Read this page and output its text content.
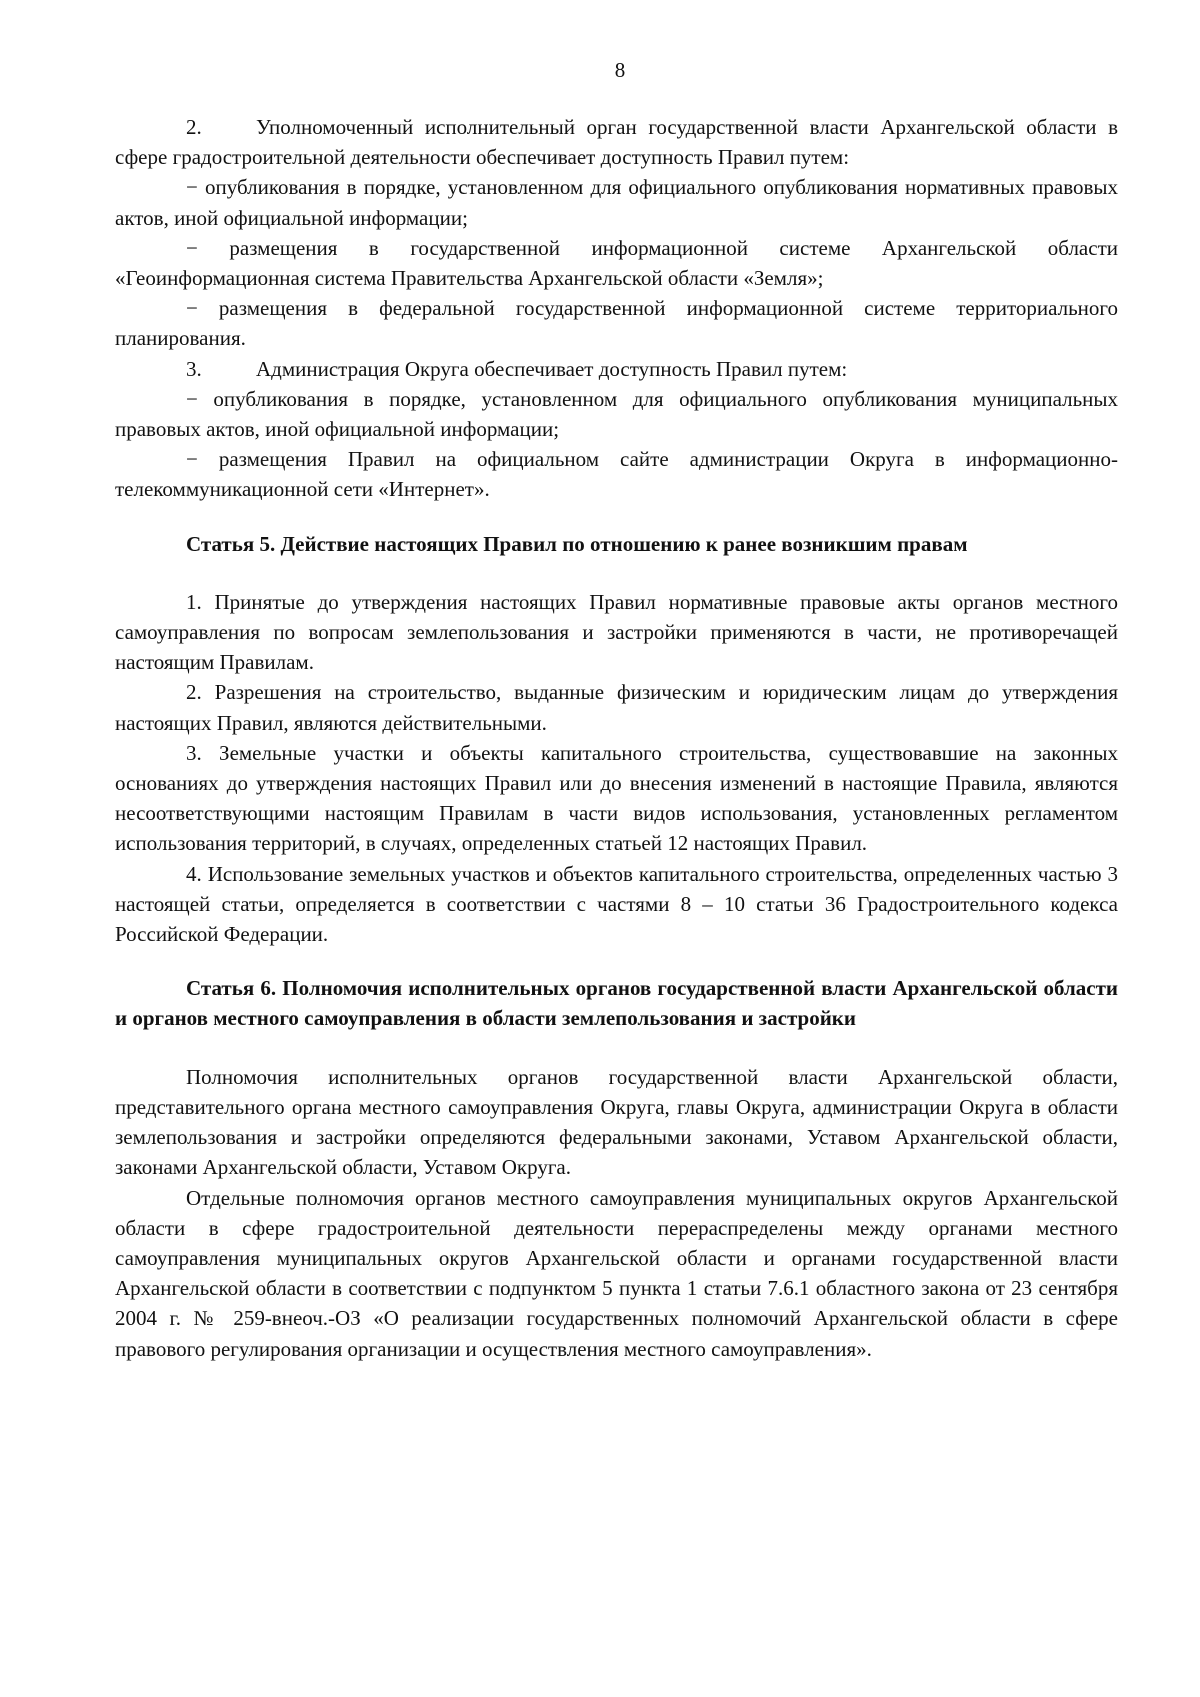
8

2.	Уполномоченный исполнительный орган государственной власти Архангельской области в сфере градостроительной деятельности обеспечивает доступность Правил путем:

− опубликования в порядке, установленном для официального опубликования нормативных правовых актов, иной официальной информации;

− размещения в государственной информационной системе Архангельской области «Геоинформационная система Правительства Архангельской области «Земля»;

− размещения в федеральной государственной информационной системе территориального планирования.

3.	Администрация Округа обеспечивает доступность Правил путем:

− опубликования в порядке, установленном для официального опубликования муниципальных правовых актов, иной официальной информации;

− размещения Правил на официальном сайте администрации Округа в информационно-телекоммуникационной сети «Интернет».

Статья 5. Действие настоящих Правил по отношению к ранее возникшим правам

1. Принятые до утверждения настоящих Правил нормативные правовые акты органов местного самоуправления по вопросам землепользования и застройки применяются в части, не противоречащей настоящим Правилам.

2. Разрешения на строительство, выданные физическим и юридическим лицам до утверждения настоящих Правил, являются действительными.

3. Земельные участки и объекты капитального строительства, существовавшие на законных основаниях до утверждения настоящих Правил или до внесения изменений в настоящие Правила, являются несоответствующими настоящим Правилам в части видов использования, установленных регламентом использования территорий, в случаях, определенных статьей 12 настоящих Правил.

4. Использование земельных участков и объектов капитального строительства, определенных частью 3 настоящей статьи, определяется в соответствии с частями 8 – 10 статьи 36 Градостроительного кодекса Российской Федерации.

Статья 6. Полномочия исполнительных органов государственной власти Архангельской области и органов местного самоуправления в области землепользования и застройки

Полномочия исполнительных органов государственной власти Архангельской области, представительного органа местного самоуправления Округа, главы Округа, администрации Округа в области землепользования и застройки определяются федеральными законами, Уставом Архангельской области, законами Архангельской области, Уставом Округа.

Отдельные полномочия органов местного самоуправления муниципальных округов Архангельской области в сфере градостроительной деятельности перераспределены между органами местного самоуправления муниципальных округов Архангельской области и органами государственной власти Архангельской области в соответствии с подпунктом 5 пункта 1 статьи 7.6.1 областного закона от 23 сентября 2004 г. № 259-внеоч.-ОЗ «О реализации государственных полномочий Архангельской области в сфере правового регулирования организации и осуществления местного самоуправления».
